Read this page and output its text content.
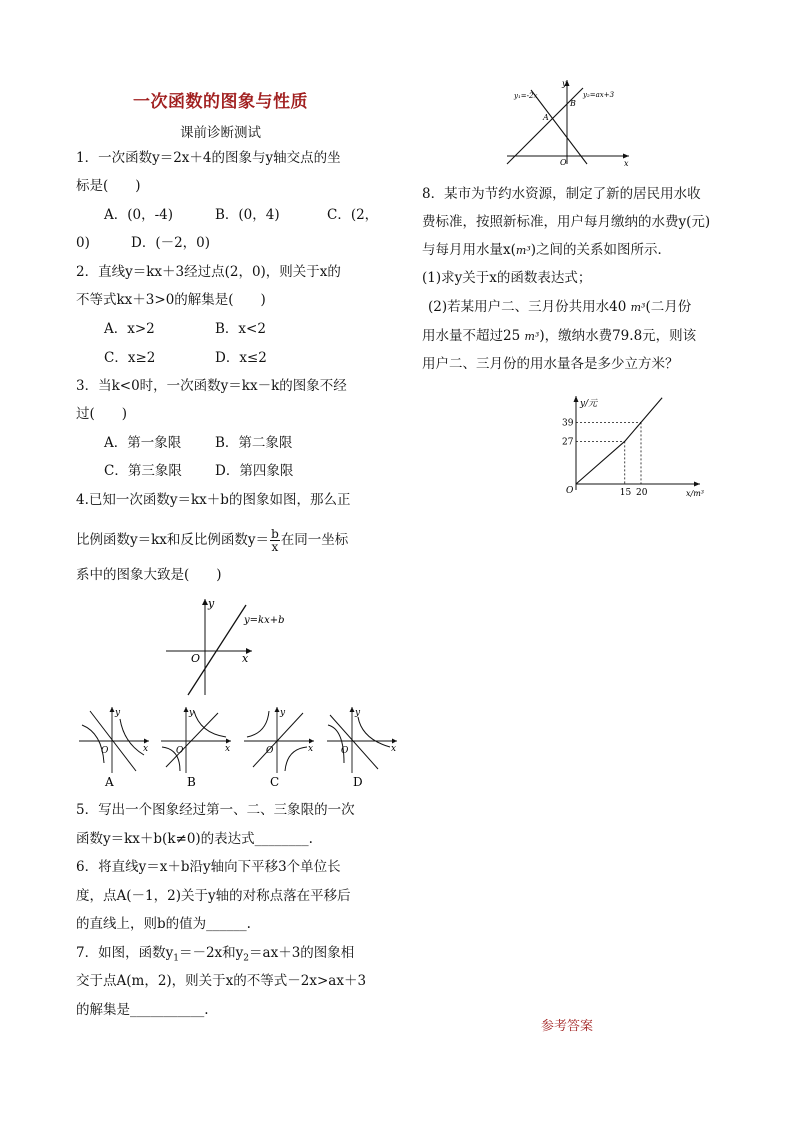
一次函数的图象与性质
课前诊断测试
1．一次函数y＝2x＋4的图象与y轴交点的坐
标是(　　)
A．(0，-4)	B．(0，4)	C．(2，
0)	D．(－2，0)
2．直线y＝kx＋3经过点(2，0)，则关于x的
不等式kx＋3>0的解集是(　　)
A．x>2	B．x<2
C．x≥2	D．x≤2
3．当k<0时，一次函数y＝kx－k的图象不经
过(　　)
A．第一象限	B．第二象限
C．第三象限 D．第四象限
4.已知一次函数y＝kx＋b的图象如图，那么正
比例函数y＝kx和反比例函数$y= \frac{b}{x}$ 在同一坐标
系中的图象大致是(　　)
y
x
O
y=kx+b
y
x
O
A
y
x
O
B
y
x
O
C
y
x
O
D
5．写出一个图象经过第一、二、三象限的一次
函数y＝kx＋b(k≠0)的表达式________.
6．将直线y＝x＋b沿y轴向下平移3个单位长
度，点A(－1，2)关于y轴的对称点落在平移后
的直线上，则b的值为______.
7．如图，函数$y_1=-2x$和$y_2=ax+3$的图象相
交于点A(m，2)，则关于x的不等式－2x>ax＋3
的解集是___________.
y₁=-2x	y₂=ax+3
y
x
O
A
B
8．某市为节约水资源，制定了新的居民用水收
费标准，按照新标准，用户每月缴纳的水费y(元)
与每月用水量x(m³)之间的关系如图所示．
(1)求y关于x的函数表达式；
(2)若某用户二、三月份共用水40 m³(二月份
用水量不超过25 m³)，缴纳水费79.8元，则该
用户二、三月份的用水量各是多少立方米？
27
15
39
20
y/元
x/m³
O
参考答案
